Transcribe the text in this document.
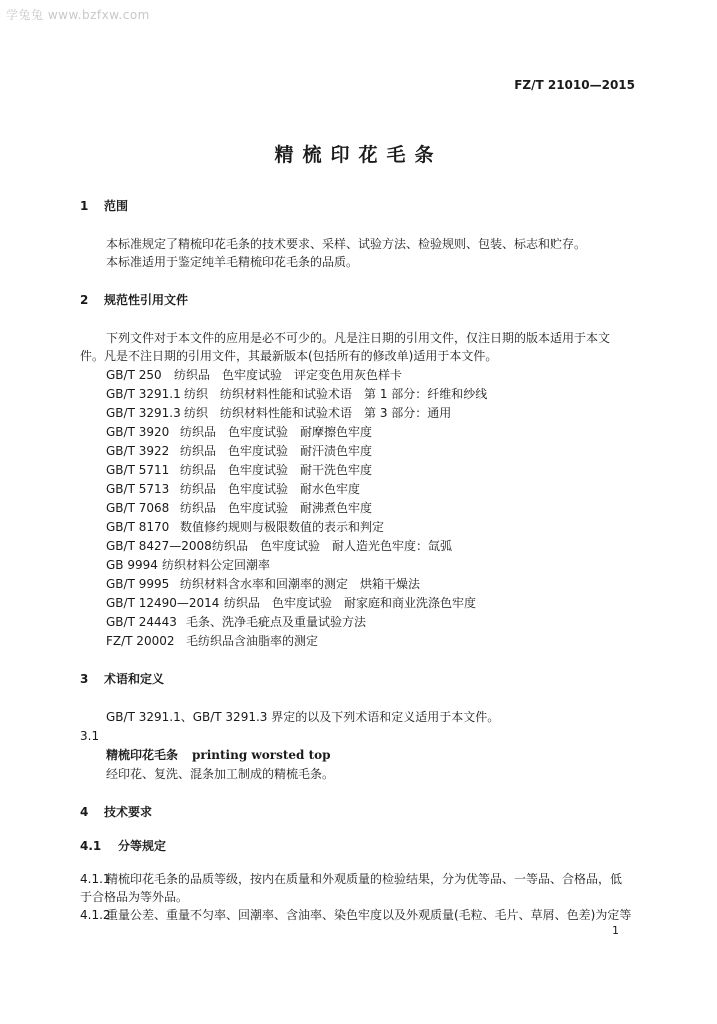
学兔兔 www.bzfxw.com
FZ/T 21010—2015
精梳印花毛条
1 范围
本标准规定了精梳印花毛条的技术要求、采样、试验方法、检验规则、包装、标志和贮存。
本标准适用于鉴定纯羊毛精梳印花毛条的品质。
2 规范性引用文件
下列文件对于本文件的应用是必不可少的。凡是注日期的引用文件，仅注日期的版本适用于本文
件。凡是不注日期的引用文件，其最新版本(包括所有的修改单)适用于本文件。
GB/T 250 纺织品　色牢度试验　评定变色用灰色样卡
GB/T 3291.1 纺织　纺织材料性能和试验术语　第 1 部分：纤维和纱线
GB/T 3291.3 纺织　纺织材料性能和试验术语　第 3 部分：通用
GB/T 3920 纺织品　色牢度试验　耐摩擦色牢度
GB/T 3922 纺织品　色牢度试验　耐汗渍色牢度
GB/T 5711 纺织品　色牢度试验　耐干洗色牢度
GB/T 5713 纺织品　色牢度试验　耐水色牢度
GB/T 7068 纺织品　色牢度试验　耐沸煮色牢度
GB/T 8170 数值修约规则与极限数值的表示和判定
GB/T 8427—2008纺织品　色牢度试验　耐人造光色牢度：氙弧
GB 9994 纺织材料公定回潮率
GB/T 9995 纺织材料含水率和回潮率的测定　烘箱干燥法
GB/T 12490—2014 纺织品　色牢度试验　耐家庭和商业洗涤色牢度
GB/T 24443 毛条、洗净毛疵点及重量试验方法
FZ/T 20002 毛纺织品含油脂率的测定
3 术语和定义
GB/T 3291.1、GB/T 3291.3 界定的以及下列术语和定义适用于本文件。
3.1
精梳印花毛条 printing worsted top
经印花、复洗、混条加工制成的精梳毛条。
4 技术要求
4.1 分等规定
4.1.1精梳印花毛条的品质等级，按内在质量和外观质量的检验结果，分为优等品、一等品、合格品，低
于合格品为等外品。
4.1.2重量公差、重量不匀率、回潮率、含油率、染色牢度以及外观质量(毛粒、毛片、草屑、色差)为定等
1
